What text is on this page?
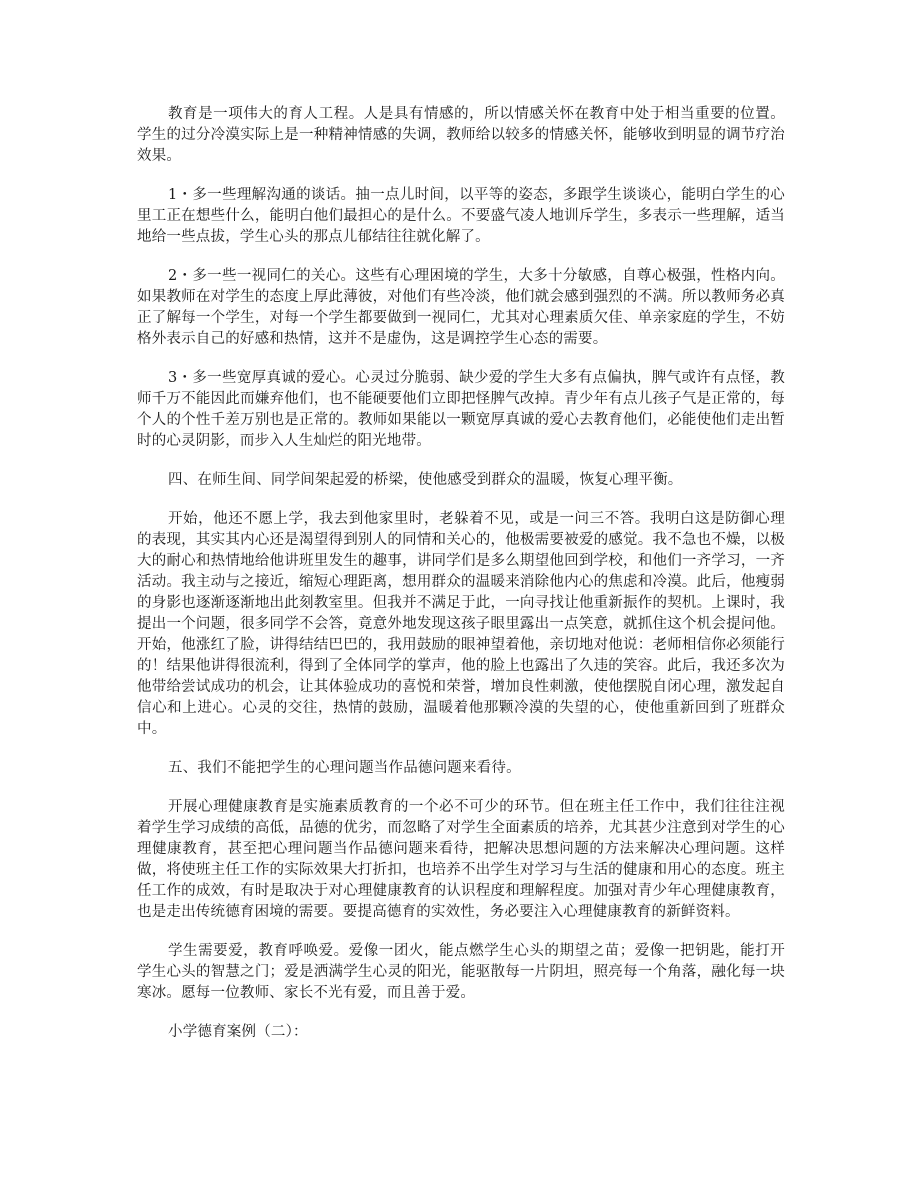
教育是一项伟大的育人工程。人是具有情感的，所以情感关怀在教育中处于相当重要的位置。学生的过分冷漠实际上是一种精神情感的失调，教师给以较多的情感关怀，能够收到明显的调节疗治效果。

1・多一些理解沟通的谈话。抽一点儿时间，以平等的姿态，多跟学生谈谈心，能明白学生的心里工正在想些什么，能明白他们最担心的是什么。不要盛气凌人地训斥学生，多表示一些理解，适当地给一些点拔，学生心头的那点儿郁结往往就化解了。

2・多一些一视同仁的关心。这些有心理困境的学生，大多十分敏感，自尊心极强，性格内向。如果教师在对学生的态度上厚此薄彼，对他们有些冷淡，他们就会感到强烈的不满。所以教师务必真正了解每一个学生，对每一个学生都要做到一视同仁，尤其对心理素质欠佳、单亲家庭的学生，不妨格外表示自己的好感和热情，这并不是虚伪，这是调控学生心态的需要。

3・多一些宽厚真诚的爱心。心灵过分脆弱、缺少爱的学生大多有点偏执，脾气或许有点怪，教师千万不能因此而嫌弃他们，也不能硬要他们立即把怪脾气改掉。青少年有点儿孩子气是正常的，每个人的个性千差万别也是正常的。教师如果能以一颗宽厚真诚的爱心去教育他们，必能使他们走出暂时的心灵阴影，而步入人生灿烂的阳光地带。

四、在师生间、同学间架起爱的桥梁，使他感受到群众的温暖，恢复心理平衡。

开始，他还不愿上学，我去到他家里时，老躲着不见，或是一问三不答。我明白这是防御心理的表现，其实其内心还是渴望得到别人的同情和关心的，他极需要被爱的感觉。我不急也不燥，以极大的耐心和热情地给他讲班里发生的趣事，讲同学们是多么期望他回到学校，和他们一齐学习，一齐活动。我主动与之接近，缩短心理距离，想用群众的温暖来消除他内心的焦虑和冷漠。此后，他瘦弱的身影也逐渐逐渐地出此刻教室里。但我并不满足于此，一向寻找让他重新振作的契机。上课时，我提出一个问题，很多同学不会答，竟意外地发现这孩子眼里露出一点笑意，就抓住这个机会提问他。开始，他涨红了脸，讲得结结巴巴的，我用鼓励的眼神望着他，亲切地对他说：老师相信你必须能行的！结果他讲得很流利，得到了全体同学的掌声，他的脸上也露出了久违的笑容。此后，我还多次为他带给尝试成功的机会，让其体验成功的喜悦和荣誉，增加良性刺激，使他摆脱自闭心理，激发起自信心和上进心。心灵的交往，热情的鼓励，温暖着他那颗冷漠的失望的心，使他重新回到了班群众中。

五、我们不能把学生的心理问题当作品德问题来看待。

开展心理健康教育是实施素质教育的一个必不可少的环节。但在班主任工作中，我们往往注视着学生学习成绩的高低，品德的优劣，而忽略了对学生全面素质的培养，尤其甚少注意到对学生的心理健康教育，甚至把心理问题当作品德问题来看待，把解决思想问题的方法来解决心理问题。这样做，将使班主任工作的实际效果大打折扣，也培养不出学生对学习与生活的健康和用心的态度。班主任工作的成效，有时是取决于对心理健康教育的认识程度和理解程度。加强对青少年心理健康教育，也是走出传统德育困境的需要。要提高德育的实效性，务必要注入心理健康教育的新鲜资料。

学生需要爱，教育呼唤爱。爱像一团火，能点燃学生心头的期望之苗；爱像一把钥匙，能打开学生心头的智慧之门；爱是洒满学生心灵的阳光，能驱散每一片阴坦，照亮每一个角落，融化每一块寒冰。愿每一位教师、家长不光有爱，而且善于爱。

小学德育案例（二）：
